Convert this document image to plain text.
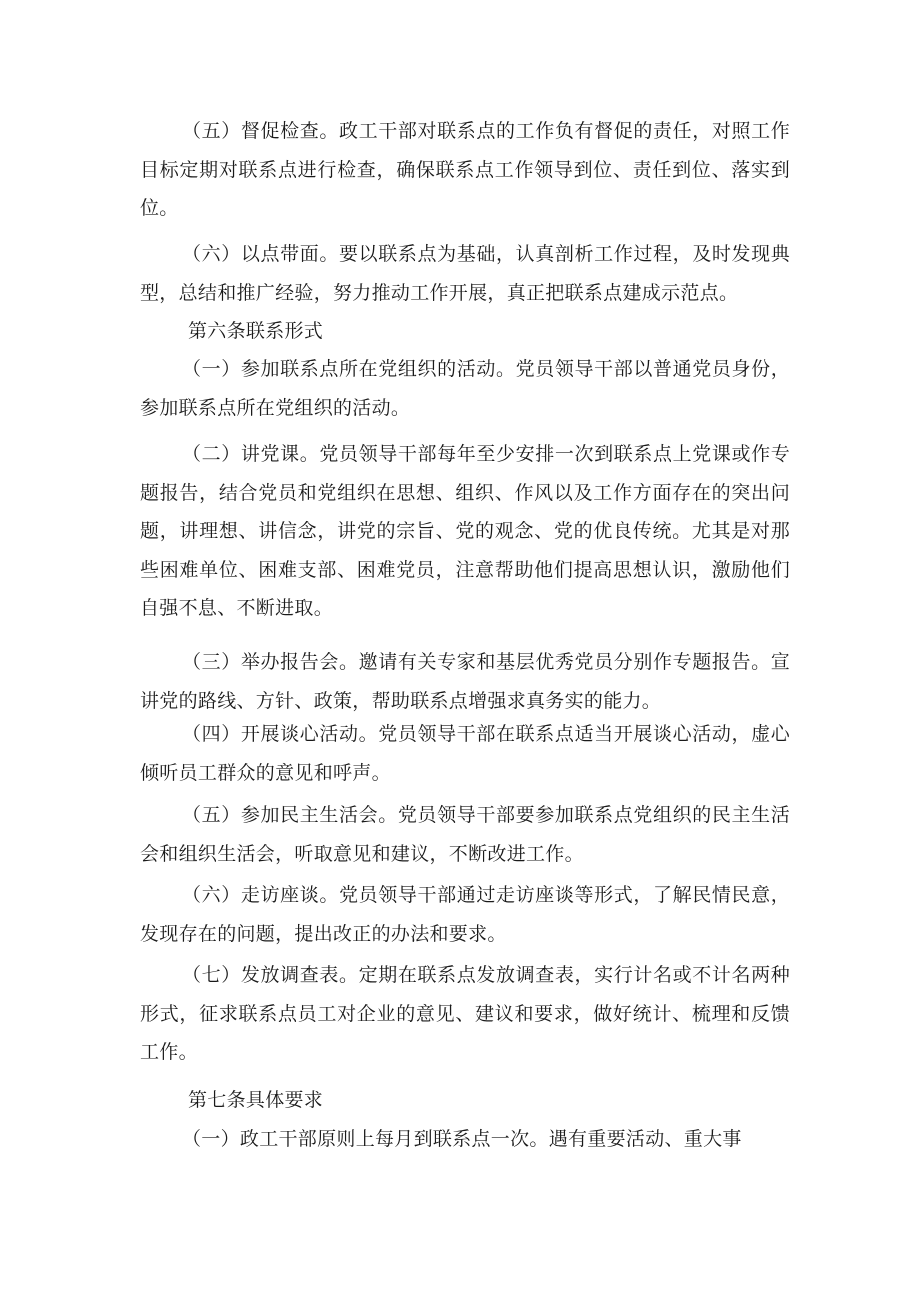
（五）督促检查。政工干部对联系点的工作负有督促的责任，对照工作目标定期对联系点进行检查，确保联系点工作领导到位、责任到位、落实到位。

（六）以点带面。要以联系点为基础，认真剖析工作过程，及时发现典型，总结和推广经验，努力推动工作开展，真正把联系点建成示范点。

第六条联系形式

（一）参加联系点所在党组织的活动。党员领导干部以普通党员身份，参加联系点所在党组织的活动。

（二）讲党课。党员领导干部每年至少安排一次到联系点上党课或作专题报告，结合党员和党组织在思想、组织、作风以及工作方面存在的突出问题，讲理想、讲信念，讲党的宗旨、党的观念、党的优良传统。尤其是对那些困难单位、困难支部、困难党员，注意帮助他们提高思想认识，激励他们自强不息、不断进取。

（三）举办报告会。邀请有关专家和基层优秀党员分别作专题报告。宣讲党的路线、方针、政策，帮助联系点增强求真务实的能力。

（四）开展谈心活动。党员领导干部在联系点适当开展谈心活动，虚心倾听员工群众的意见和呼声。

（五）参加民主生活会。党员领导干部要参加联系点党组织的民主生活会和组织生活会，听取意见和建议，不断改进工作。

（六）走访座谈。党员领导干部通过走访座谈等形式，了解民情民意，发现存在的问题，提出改正的办法和要求。

（七）发放调查表。定期在联系点发放调查表，实行计名或不计名两种形式，征求联系点员工对企业的意见、建议和要求，做好统计、梳理和反馈工作。

第七条具体要求

（一）政工干部原则上每月到联系点一次。遇有重要活动、重大事
